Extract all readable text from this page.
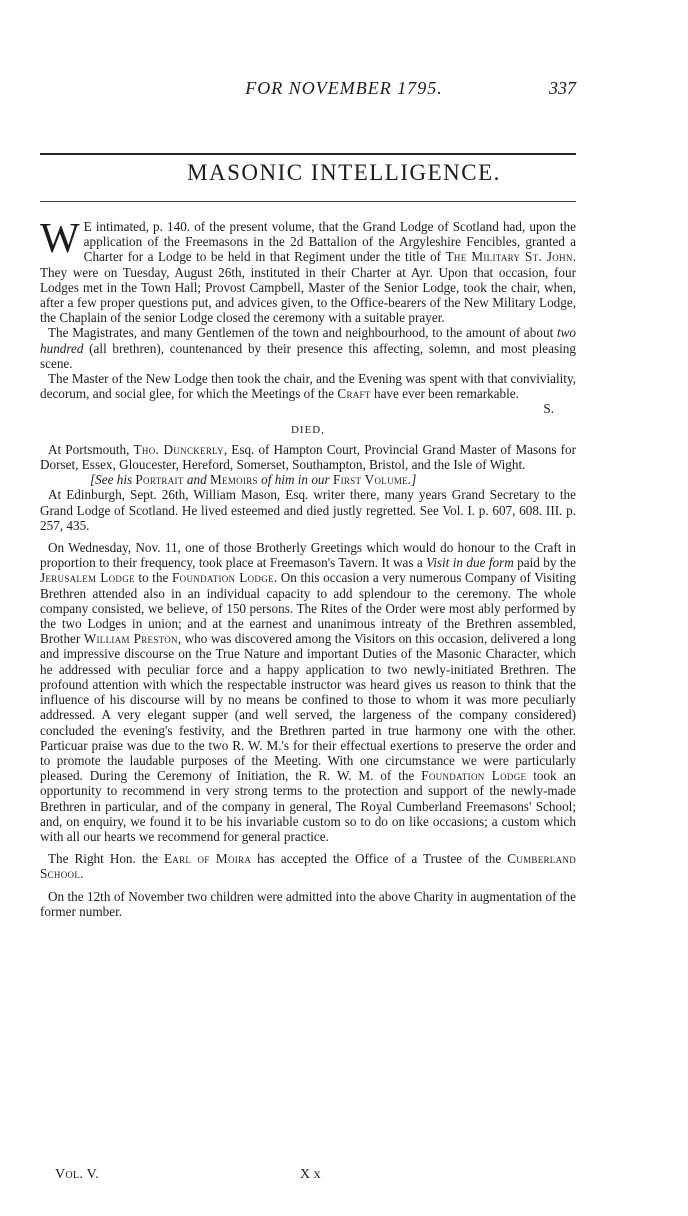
FOR NOVEMBER 1795.	337
MASONIC INTELLIGENCE.

W E intimated, p. 140. of the present volume, that the Grand Lodge of Scotland had, upon the application of the Freemasons in the 2d Battalion of the Argyleshire Fencibles, granted a Charter for a Lodge to be held in that Regiment under the title of The Military St. John. They were on Tuesday, August 26th, instituted in their Charter at Ayr. Upon that occasion, four Lodges met in the Town Hall; Provost Campbell, Master of the Senior Lodge, took the chair, when, after a few proper questions put, and advices given, to the Office-bearers of the New Military Lodge, the Chaplain of the senior Lodge closed the ceremony with a suitable prayer.

The Magistrates, and many Gentlemen of the town and neighbourhood, to the amount of about two hundred (all brethren), countenanced by their presence this affecting, solemn, and most pleasing scene.

The Master of the New Lodge then took the chair, and the Evening was spent with that conviviality, decorum, and social glee, for which the Meetings of the Craft have ever been remarkable.

S.

DIED,

At Portsmouth, Tho. Dunckerly, Esq. of Hampton Court, Provincial Grand Master of Masons for Dorset, Essex, Gloucester, Hereford, Somerset, Southampton, Bristol, and the Isle of Wight.

[See his Portrait and Memoirs of him in our First Volume.]

At Edinburgh, Sept. 26th, William Mason, Esq. writer there, many years Grand Secretary to the Grand Lodge of Scotland. He lived esteemed and died justly regretted. See Vol. I. p. 607, 608. III. p. 257, 435.

On Wednesday, Nov. 11, one of those Brotherly Greetings which would do honour to the Craft in proportion to their frequency, took place at Freemason's Tavern. It was a Visit in due form paid by the Jerusalem Lodge to the Foundation Lodge. On this occasion a very numerous Company of Visiting Brethren attended also in an individual capacity to add splendour to the ceremony. The whole company consisted, we believe, of 150 persons. The Rites of the Order were most ably performed by the two Lodges in union; and at the earnest and unanimous intreaty of the Brethren assembled, Brother William Preston, who was discovered among the Visitors on this occasion, delivered a long and impressive discourse on the True Nature and important Duties of the Masonic Character, which he addressed with peculiar force and a happy application to two newly-initiated Brethren. The profound attention with which the respectable instructor was heard gives us reason to think that the influence of his discourse will by no means be confined to those to whom it was more peculiarly addressed. A very elegant supper (and well served, the largeness of the company considered) concluded the evening's festivity, and the Brethren parted in true harmony one with the other. Particuar praise was due to the two R. W. M.'s for their effectual exertions to preserve the order and to promote the laudable purposes of the Meeting. With one circumstance we were particularly pleased. During the Ceremony of Initiation, the R. W. M. of the Foundation Lodge took an opportunity to recommend in very strong terms to the protection and support of the newly-made Brethren in particular, and of the company in general, The Royal Cumberland Freemasons' School; and, on enquiry, we found it to be his invariable custom so to do on like occasions; a custom which with all our hearts we recommend for general practice.

The Right Hon. the Earl of Moira has accepted the Office of a Trustee of the Cumberland School.

On the 12th of November two children were admitted into the above Charity in augmentation of the former number.

Vol. V.	X x
